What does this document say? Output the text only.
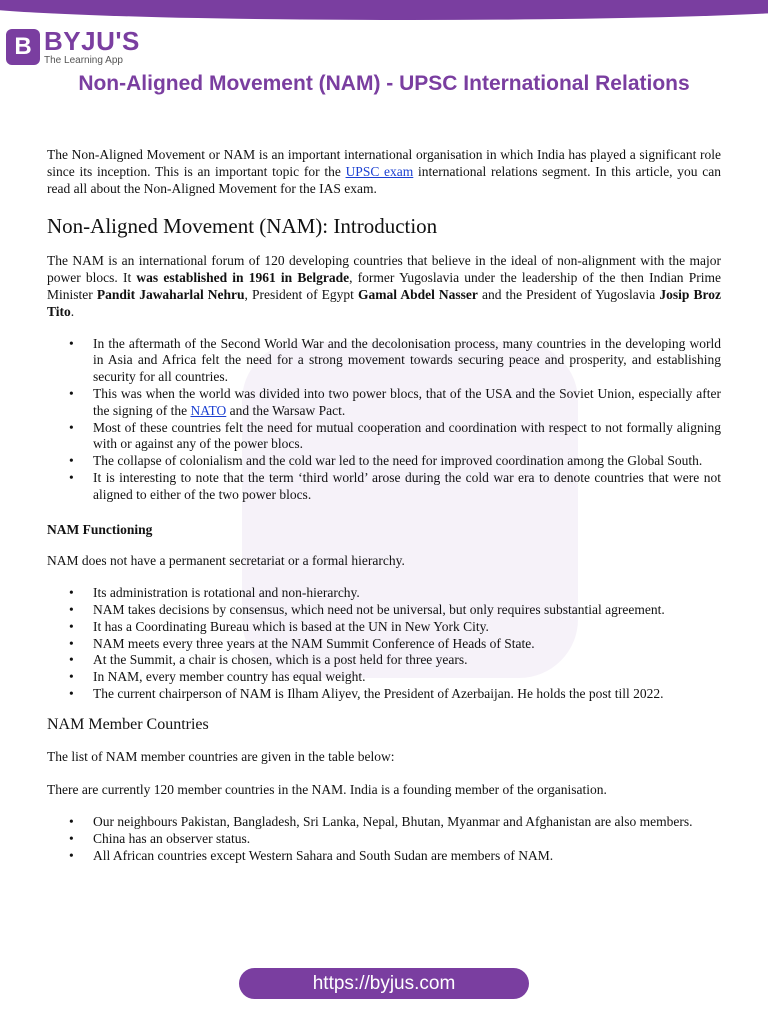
B BYJU'S
The Learning App
Non-Aligned Movement (NAM) - UPSC International Relations

The Non-Aligned Movement or NAM is an important international organisation in which India has played a significant role since its inception. This is an important topic for the UPSC exam international relations segment. In this article, you can read all about the Non-Aligned Movement for the IAS exam.

Non-Aligned Movement (NAM): Introduction

The NAM is an international forum of 120 developing countries that believe in the ideal of non-alignment with the major power blocs. It was established in 1961 in Belgrade, former Yugoslavia under the leadership of the then Indian Prime Minister Pandit Jawaharlal Nehru, President of Egypt Gamal Abdel Nasser and the President of Yugoslavia Josip Broz Tito.

• In the aftermath of the Second World War and the decolonisation process, many countries in the developing world in Asia and Africa felt the need for a strong movement towards securing peace and prosperity, and establishing security for all countries.
• This was when the world was divided into two power blocs, that of the USA and the Soviet Union, especially after the signing of the NATO and the Warsaw Pact.
• Most of these countries felt the need for mutual cooperation and coordination with respect to not formally aligning with or against any of the power blocs.
• The collapse of colonialism and the cold war led to the need for improved coordination among the Global South.
• It is interesting to note that the term ‘third world’ arose during the cold war era to denote countries that were not aligned to either of the two power blocs.
NAM Functioning

NAM does not have a permanent secretariat or a formal hierarchy.

• Its administration is rotational and non-hierarchy.
• NAM takes decisions by consensus, which need not be universal, but only requires substantial agreement.
• It has a Coordinating Bureau which is based at the UN in New York City.
• NAM meets every three years at the NAM Summit Conference of Heads of State.
• At the Summit, a chair is chosen, which is a post held for three years.
• In NAM, every member country has equal weight.
• The current chairperson of NAM is Ilham Aliyev, the President of Azerbaijan. He holds the post till 2022.
NAM Member Countries

The list of NAM member countries are given in the table below:

There are currently 120 member countries in the NAM. India is a founding member of the organisation.

• Our neighbours Pakistan, Bangladesh, Sri Lanka, Nepal, Bhutan, Myanmar and Afghanistan are also members.
• China has an observer status.
• All African countries except Western Sahara and South Sudan are members of NAM.
https://byjus.com
